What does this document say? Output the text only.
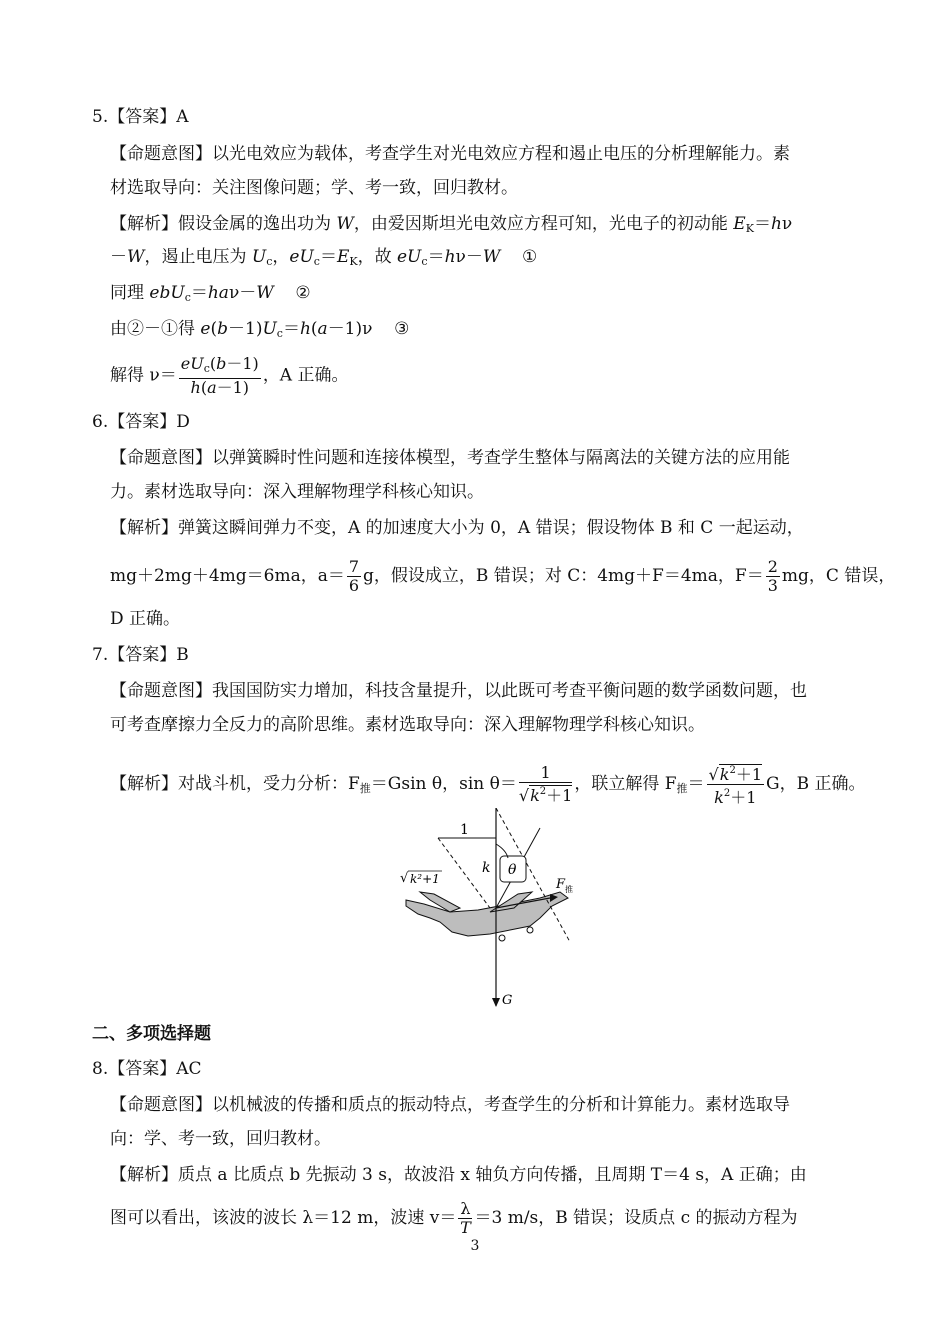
5.【答案】A
【命题意图】以光电效应为载体，考查学生对光电效应方程和遏止电压的分析理解能力。素
材选取导向：关注图像问题；学、考一致，回归教材。
【解析】假设金属的逸出功为 W，由爱因斯坦光电效应方程可知，光电子的初动能 $E_K=h\nu$
－W，遏止电压为 $U_c$，$eU_c=E_K$，故 $eU_c=h\nu-W$ ①
同理 ebU$_c$＝haν－W ②
由②－①得 $e(b-1)U_c=h(a-1)\nu$    ③
解得 $\nu= \frac{eU_c(b-1)}{h(a-1)}$ ，A 正确。
6.【答案】D
【命题意图】以弹簧瞬时性问题和连接体模型，考查学生整体与隔离法的关键方法的应用能
力。素材选取导向：深入理解物理学科核心知识。
【解析】弹簧这瞬间弹力不变，A 的加速度大小为 0，A 错误；假设物体 B 和 C 一起运动，
mg＋2mg＋4mg＝6ma，$a= \frac{7}{6}$ g，假设成立，B 错误；对 C：4mg＋F＝4ma，$F= \frac{2}{3}$ mg，C 错误，
D 正确。
7.【答案】B
【命题意图】我国国防实力增加，科技含量提升，以此既可考查平衡问题的数学函数问题，也
可考查摩擦力全反力的高阶思维。素材选取导向：深入理解物理学科核心知识。
【解析】对战斗机，受力分析：$F_推=Gsin$ θ，$\sin \theta= \frac{1}{√k^2+1}$ ，联立解得 $F_推= \frac{√k^2+1}{k^2+1}$ G，B 正确。
1
k θ
√ k²+1	F 推
G
二、多项选择题
8.【答案】AC
【命题意图】以机械波的传播和质点的振动特点，考查学生的分析和计算能力。素材选取导
向：学、考一致，回归教材。
【解析】质点 a 比质点 b 先振动 3 s，故波沿 x 轴负方向传播，且周期 T＝4 s，A 正确；由
图可以看出，该波的波长 λ＝12 m，波速 $v= \frac{\lambda}{T} =3$ m/s，B 错误；设质点 c 的振动方程为
3
